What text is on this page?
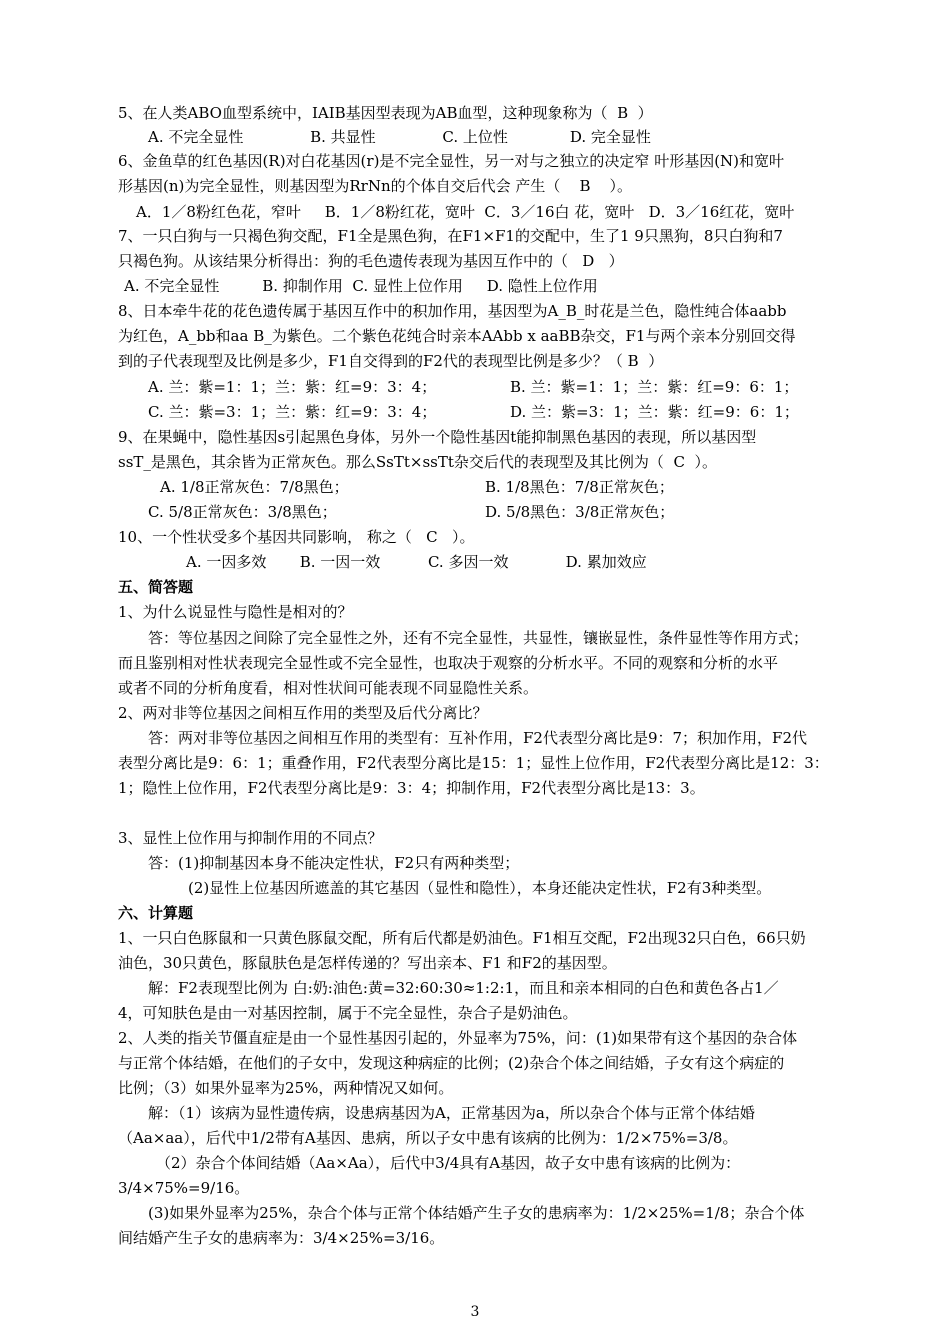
5、在人类ABO血型系统中，IAIB基因型表现为AB血型，这种现象称为（  B  ）
A. 不完全显性              B. 共显性              C. 上位性             D. 完全显性
6、金鱼草的红色基因(R)对白花基因(r)是不完全显性，另一对与之独立的决定窄 叶形基因(N)和宽叶
形基因(n)为完全显性，则基因型为RrNn的个体自交后代会 产生（    B    ）。
A．1／8粉红色花，窄叶     B．1／8粉红花，宽叶  C．3／16白 花，宽叶   D．3／16红花，宽叶
7、一只白狗与一只褐色狗交配，F1全是黑色狗，在F1×F1的交配中，生了1 9只黑狗，8只白狗和7
只褐色狗。从该结果分析得出：狗的毛色遗传表现为基因互作中的（   D   ）
A. 不完全显性         B. 抑制作用  C. 显性上位作用     D. 隐性上位作用
8、日本牵牛花的花色遗传属于基因互作中的积加作用，基因型为A_B_时花是兰色，隐性纯合体aabb
为红色，A_bb和aa B_为紫色。二个紫色花纯合时亲本AAbb x aaBB杂交，F1与两个亲本分别回交得
到的子代表现型及比例是多少，F1自交得到的F2代的表现型比例是多少？（ B  ）
A. 兰：紫=1：1；兰：紫：红=9：3：4；	B. 兰：紫=1：1；兰：紫：红=9：6：1；
C. 兰：紫=3：1；兰：紫：红=9：3：4；	D. 兰：紫=3：1；兰：紫：红=9：6：1；
9、在果蝇中，隐性基因s引起黑色身体，另外一个隐性基因t能抑制黑色基因的表现，所以基因型
ssT_是黑色，其余皆为正常灰色。那么SsTt×ssTt杂交后代的表现型及其比例为（  C  ）。
A. 1/8正常灰色：7/8黑色；	B. 1/8黑色：7/8正常灰色；
C. 5/8正常灰色：3/8黑色；	D. 5/8黑色：3/8正常灰色；
10、一个性状受多个基因共同影响， 称之（   C   ）。
A. 一因多效       B. 一因一效          C. 多因一效            D. 累加效应
五、简答题
1、为什么说显性与隐性是相对的？
答：等位基因之间除了完全显性之外，还有不完全显性，共显性，镶嵌显性，条件显性等作用方式；
而且鉴别相对性状表现完全显性或不完全显性，也取决于观察的分析水平。不同的观察和分析的水平
或者不同的分析角度看，相对性状间可能表现不同显隐性关系。
2、两对非等位基因之间相互作用的类型及后代分离比？
答：两对非等位基因之间相互作用的类型有：互补作用，F2代表型分离比是9：7；积加作用，F2代
表型分离比是9：6：1；重叠作用，F2代表型分离比是15：1；显性上位作用，F2代表型分离比是12：3：
1；隐性上位作用，F2代表型分离比是9：3：4；抑制作用，F2代表型分离比是13：3。
3、显性上位作用与抑制作用的不同点？
答：(1)抑制基因本身不能决定性状，F2只有两种类型；
(2)显性上位基因所遮盖的其它基因（显性和隐性），本身还能决定性状，F2有3种类型。
六、计算题
1、一只白色豚鼠和一只黄色豚鼠交配，所有后代都是奶油色。F1相互交配，F2出现32只白色，66只奶
油色，30只黄色，豚鼠肤色是怎样传递的？写出亲本、F1 和F2的基因型。
解：F2表现型比例为 白:奶:油色:黄=32:60:30≈1:2:1，而且和亲本相同的白色和黄色各占1／
4，可知肤色是由一对基因控制，属于不完全显性，杂合子是奶油色。
2、人类的指关节僵直症是由一个显性基因引起的，外显率为75%，问：(1)如果带有这个基因的杂合体
与正常个体结婚，在他们的子女中，发现这种病症的比例；(2)杂合个体之间结婚，子女有这个病症的
比例；（3）如果外显率为25%，两种情况又如何。
解：（1）该病为显性遗传病，设患病基因为A，正常基因为a，所以杂合个体与正常个体结婚
（Aa×aa），后代中1/2带有A基因、患病，所以子女中患有该病的比例为：1/2×75%=3/8。
（2）杂合个体间结婚（Aa×Aa），后代中3/4具有A基因，故子女中患有该病的比例为：
3/4×75%=9/16。
(3)如果外显率为25%，杂合个体与正常个体结婚产生子女的患病率为：1/2×25%=1/8；杂合个体
间结婚产生子女的患病率为：3/4×25%=3/16。
3
